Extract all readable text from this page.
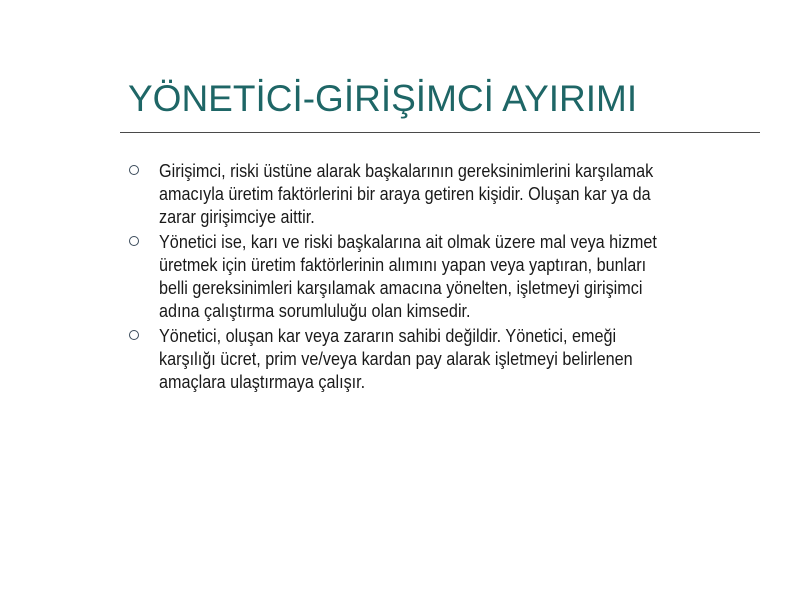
YÖNETİCİ-GİRİŞİMCİ AYIRIMI
Girişimci, riski üstüne alarak başkalarının gereksinimlerini karşılamak
amacıyla üretim faktörlerini bir araya getiren kişidir. Oluşan kar ya da
zarar girişimciye aittir.
Yönetici ise, karı ve riski başkalarına ait olmak üzere mal veya hizmet
üretmek için üretim faktörlerinin alımını yapan veya yaptıran, bunları
belli gereksinimleri karşılamak amacına yönelten, işletmeyi girişimci
adına çalıştırma sorumluluğu olan kimsedir.
Yönetici, oluşan kar veya zararın sahibi değildir. Yönetici, emeği
karşılığı ücret, prim ve/veya kardan pay alarak işletmeyi belirlenen
amaçlara ulaştırmaya çalışır.
